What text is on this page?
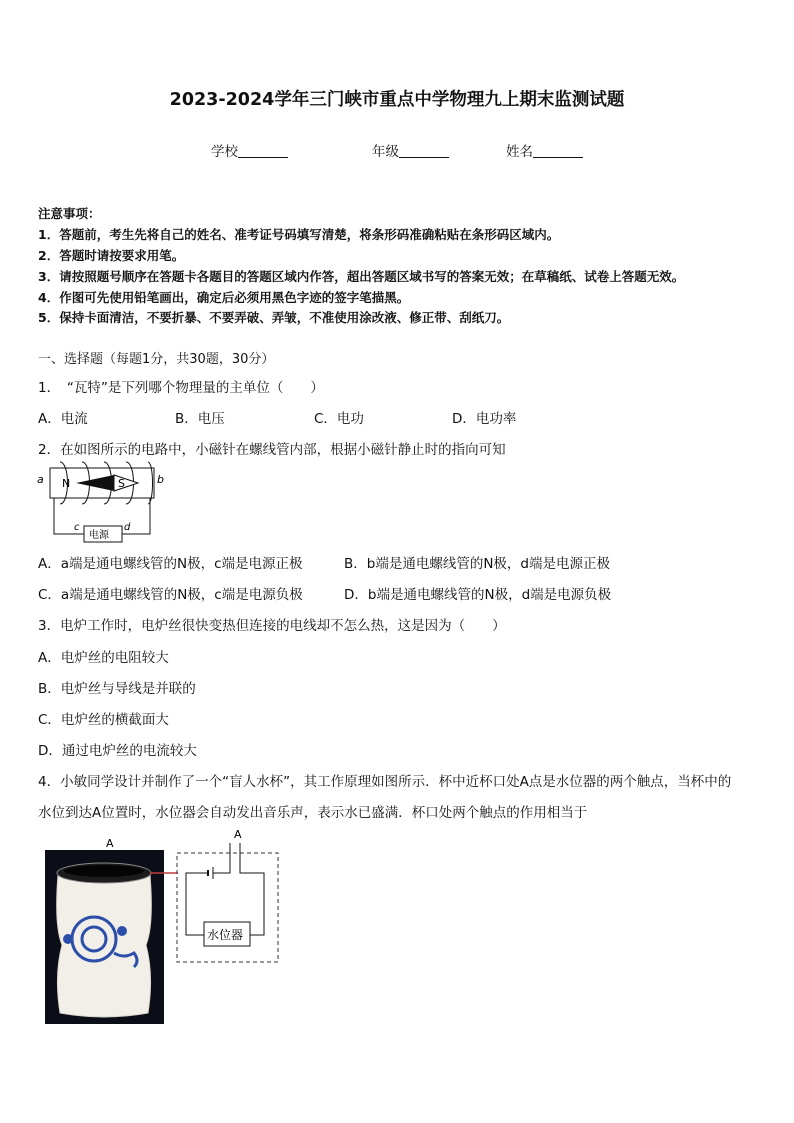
2023-2024学年三门峡市重点中学物理九上期末监测试题
学校	年级	姓名
注意事项：
1．答题前，考生先将自己的姓名、准考证号码填写清楚，将条形码准确粘贴在条形码区域内。
2．答题时请按要求用笔。
3．请按照题号顺序在答题卡各题目的答题区域内作答，超出答题区域书写的答案无效；在草稿纸、试卷上答题无效。
4．作图可先使用铅笔画出，确定后必须用黑色字迹的签字笔描黑。
5．保持卡面清洁，不要折暴、不要弄破、弄皱，不准使用涂改液、修正带、刮纸刀。
一、选择题（每题1分，共30题，30分）
1．　“瓦特”是下列哪个物理量的主单位（　　）
A．电流	B．电压	C．电功	D．电功率
2．在如图所示的电路中，小磁针在螺线管内部，根据小磁针静止时的指向可知
a	b
N	S
电源
c	d
A．a端是通电螺线管的N极，c端是电源正极	B．b端是通电螺线管的N极，d端是电源正极
C．a端是通电螺线管的N极，c端是电源负极	D．b端是通电螺线管的N极，d端是电源负极
3．电炉工作时，电炉丝很快变热但连接的电线却不怎么热，这是因为（　　）
A．电炉丝的电阻较大
B．电炉丝与导线是并联的
C．电炉丝的横截面大
D．通过电炉丝的电流较大
4．小敏同学设计并制作了一个“盲人水杯”，其工作原理如图所示．杯中近杯口处A点是水位器的两个触点，当杯中的
水位到达A位置时，水位器会自动发出音乐声，表示水已盛满．杯口处两个触点的作用相当于
A
A
水位器
